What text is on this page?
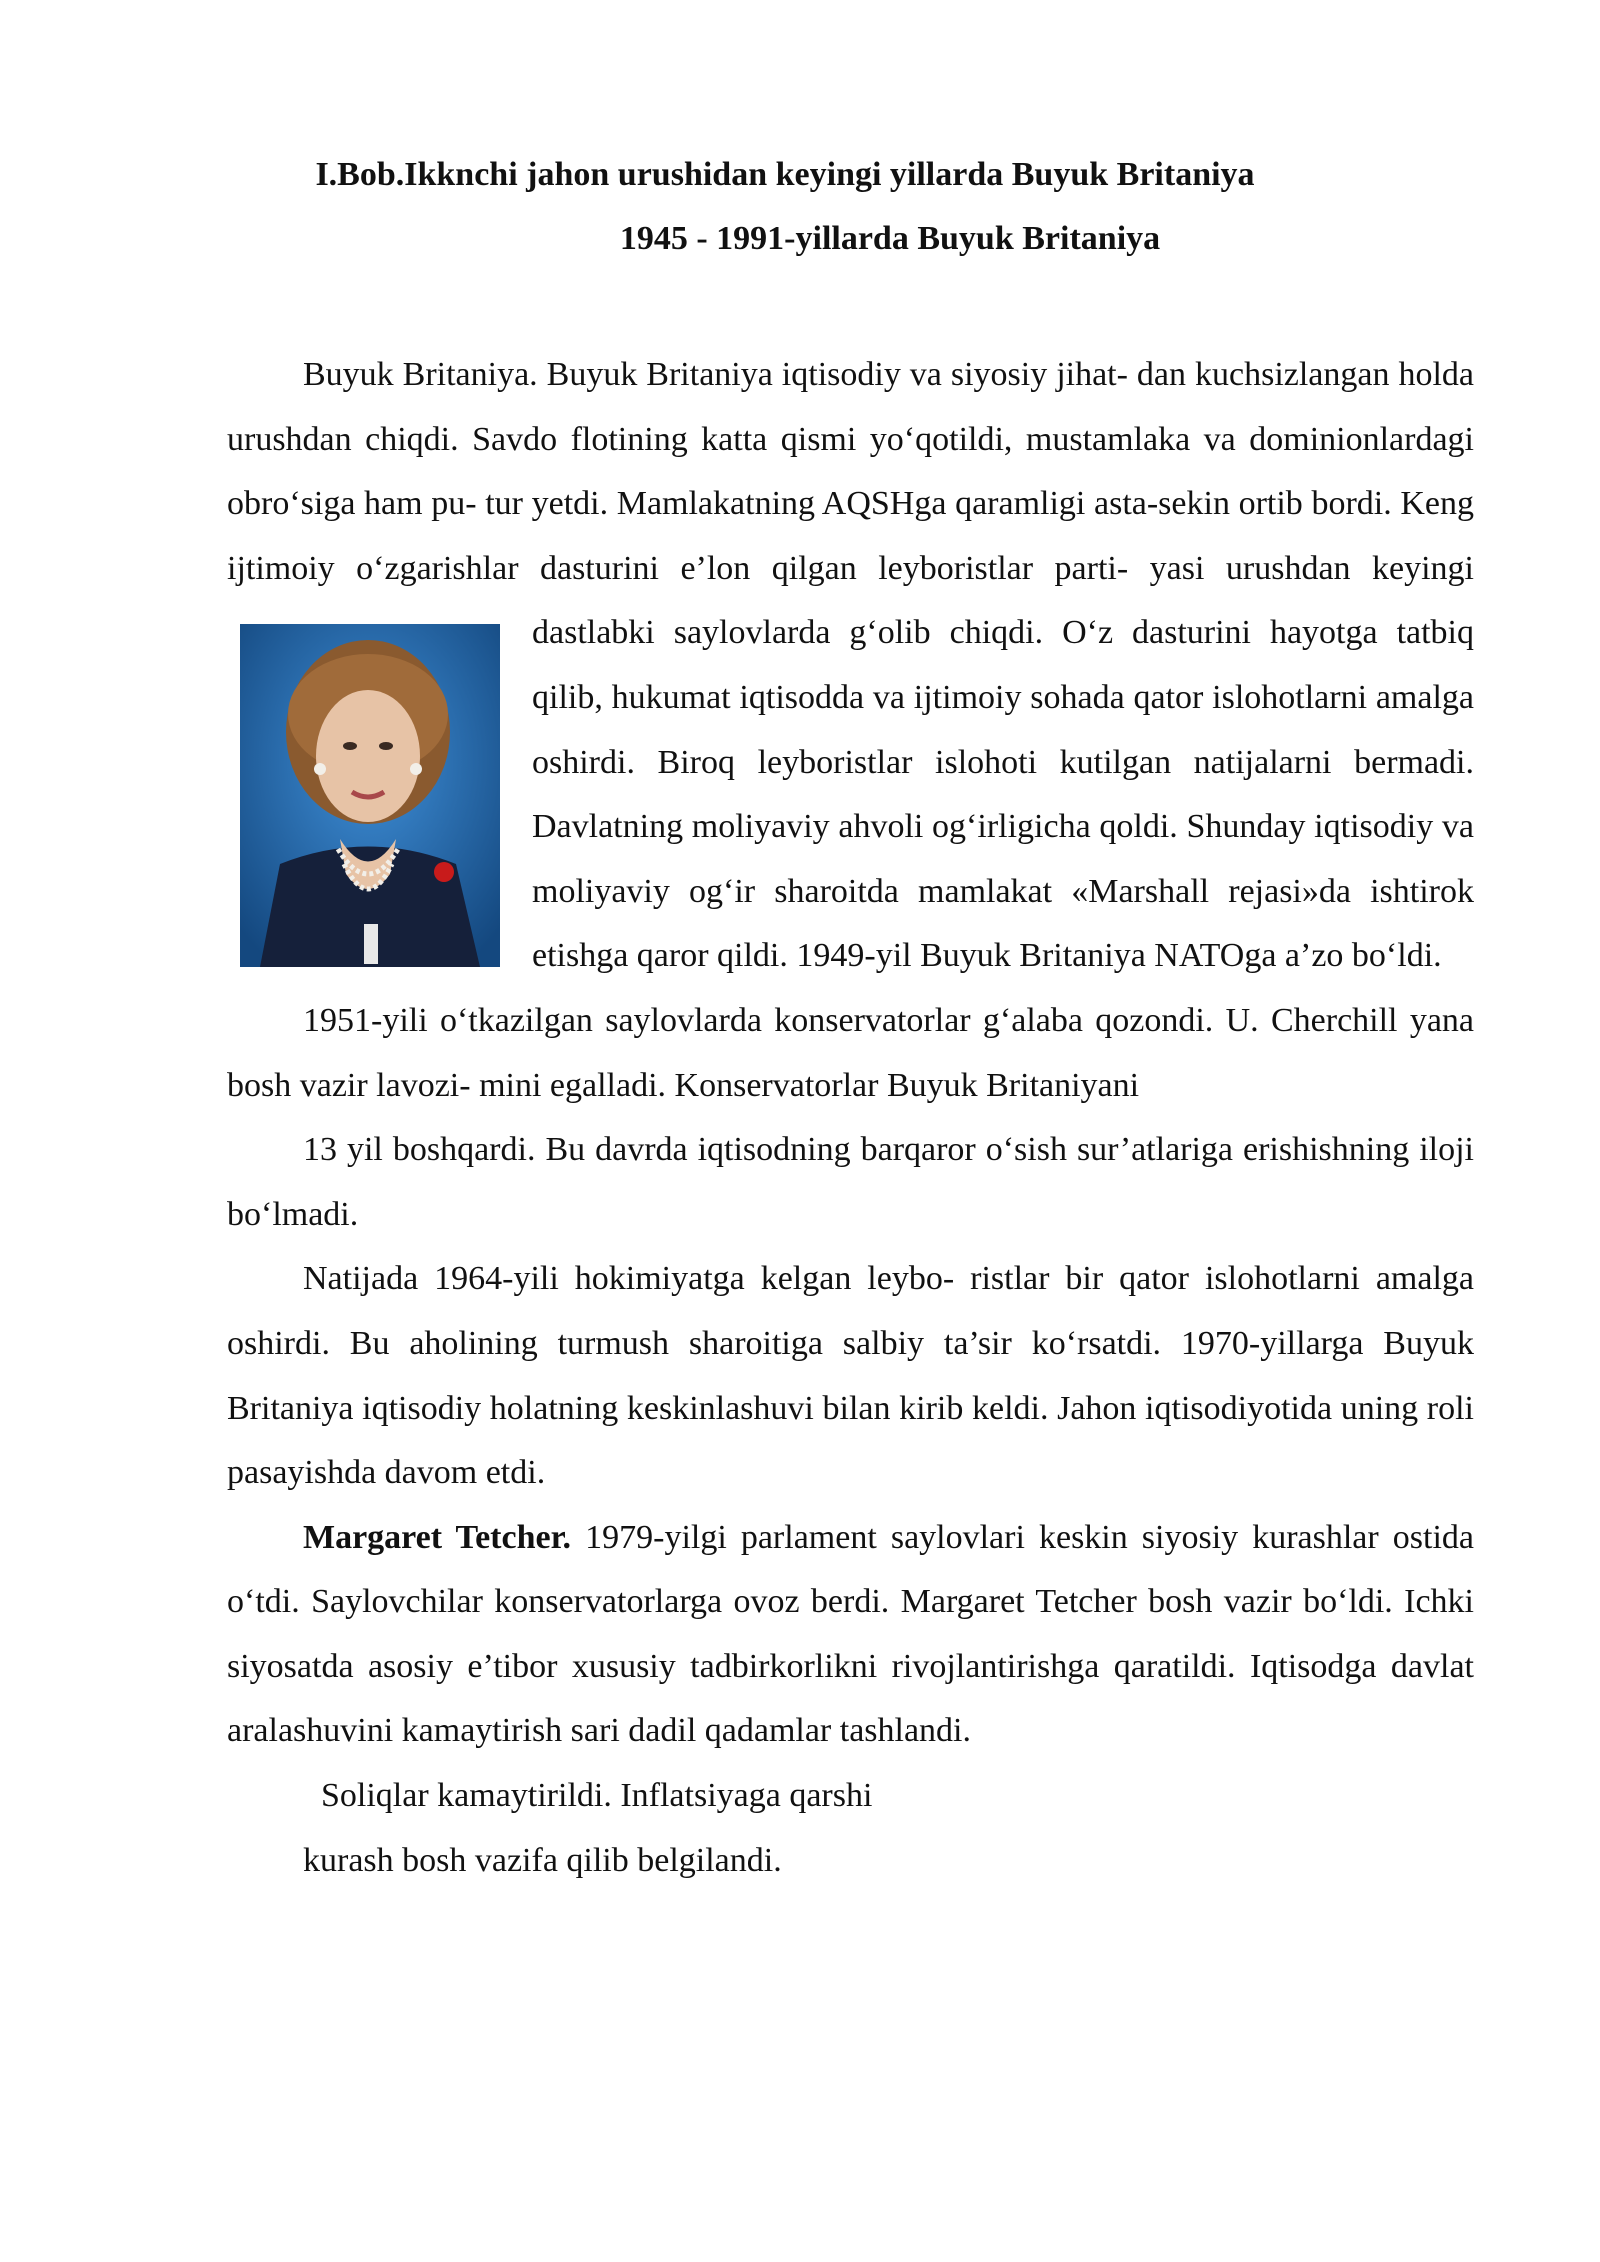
I.Bob.Ikknchi jahon urushidan keyingi yillarda Buyuk Britaniya
1945 - 1991-yillarda Buyuk Britaniya

Buyuk Britaniya. Buyuk Britaniya iqtisodiy va siyosiy jihat- dan kuchsizlangan holda urushdan chiqdi. Savdo flotining katta qismi yo‘qotildi, mustamlaka va dominionlardagi obro‘siga ham pu- tur yetdi. Mamlakatning AQSHga qaramligi asta-sekin ortib bordi. Keng ijtimoiy o‘zgarishlar dasturini e’lon qilgan leyboristlar parti- yasi urushdan keyingi dastlabki saylovlarda g‘olib
chiqdi. O‘z dasturini hayotga tatbiq qilib, hukumat iqtisodda va ijtimoiy sohada qator islohotlarni amalga oshirdi. Biroq leyboristlar islohoti kutilgan natijalarni bermadi. Davlatning moliyaviy ahvoli og‘irligicha qoldi. Shunday iqtisodiy va moliyaviy og‘ir sharoitda mamlakat «Marshall rejasi»da ishtirok etishga qaror qildi. 1949-yil Buyuk Britaniya NATOga a’zo bo‘ldi.

1951-yili o‘tkazilgan saylovlarda konservatorlar g‘alaba qozondi. U. Cherchill yana bosh vazir lavozi- mini egalladi. Konservatorlar Buyuk Britaniyani

13 yil boshqardi. Bu davrda iqtisodning barqaror o‘sish sur’atlariga erishishning iloji bo‘lmadi.

Natijada 1964-yili hokimiyatga kelgan leybo- ristlar bir qator islohotlarni amalga oshirdi. Bu aholining turmush sharoitiga salbiy ta’sir ko‘rsatdi. 1970-yillarga Buyuk Britaniya iqtisodiy holatning keskinlashuvi bilan kirib keldi. Jahon iqtisodiyotida uning roli pasayishda davom etdi.

Margaret Tetcher. 1979-yilgi parlament saylovlari keskin siyosiy kurashlar ostida o‘tdi. Saylovchilar konservatorlarga ovoz berdi. Margaret Tetcher bosh vazir bo‘ldi. Ichki siyosatda asosiy e’tibor xususiy tadbirkorlikni rivojlantirishga qaratildi. Iqtisodga davlat aralashuvini kamaytirish sari dadil qadamlar tashlandi.

Soliqlar kamaytirildi. Inflatsiyaga qarshi

kurash bosh vazifa qilib belgilandi.
